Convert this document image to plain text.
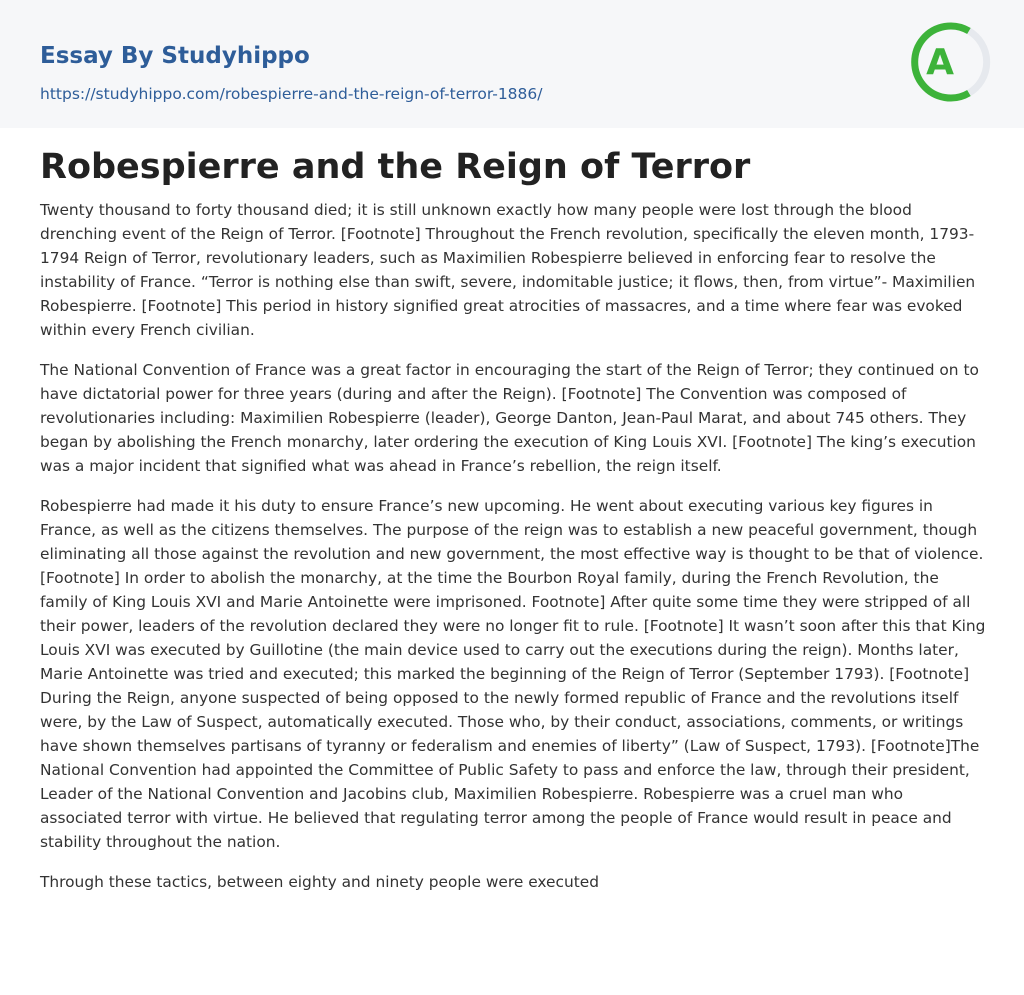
Essay By Studyhippo
https://studyhippo.com/robespierre-and-the-reign-of-terror-1886/
A
Robespierre and the Reign of Terror

Twenty thousand to forty thousand died; it is still unknown exactly how many people were lost through the blood drenching event of the Reign of Terror. [Footnote] Throughout the French revolution, specifically the eleven month, 1793-1794 Reign of Terror, revolutionary leaders, such as Maximilien Robespierre believed in enforcing fear to resolve the instability of France. “Terror is nothing else than swift, severe, indomitable justice; it flows, then, from virtue”- Maximilien Robespierre. [Footnote] This period in history signified great atrocities of massacres, and a time where fear was evoked within every French civilian.

The National Convention of France was a great factor in encouraging the start of the Reign of Terror; they continued on to have dictatorial power for three years (during and after the Reign). [Footnote] The Convention was composed of revolutionaries including: Maximilien Robespierre (leader), George Danton, Jean-Paul Marat, and about 745 others. They began by abolishing the French monarchy, later ordering the execution of King Louis XVI. [Footnote] The king’s execution was a major incident that signified what was ahead in France’s rebellion, the reign itself.

Robespierre had made it his duty to ensure France’s new upcoming. He went about executing various key figures in France, as well as the citizens themselves. The purpose of the reign was to establish a new peaceful government, though eliminating all those against the revolution and new government, the most effective way is thought to be that of violence. [Footnote] In order to abolish the monarchy, at the time the Bourbon Royal family, during the French Revolution, the family of King Louis XVI and Marie Antoinette were imprisoned. Footnote] After quite some time they were stripped of all their power, leaders of the revolution declared they were no longer fit to rule. [Footnote] It wasn’t soon after this that King Louis XVI was executed by Guillotine (the main device used to carry out the executions during the reign). Months later, Marie Antoinette was tried and executed; this marked the beginning of the Reign of Terror (September 1793). [Footnote] During the Reign, anyone suspected of being opposed to the newly formed republic of France and the revolutions itself were, by the Law of Suspect, automatically executed. Those who, by their conduct, associations, comments, or writings have shown themselves partisans of tyranny or federalism and enemies of liberty” (Law of Suspect, 1793). [Footnote]The National Convention had appointed the Committee of Public Safety to pass and enforce the law, through their president, Leader of the National Convention and Jacobins club, Maximilien Robespierre. Robespierre was a cruel man who associated terror with virtue. He believed that regulating terror among the people of France would result in peace and stability throughout the nation.

Through these tactics, between eighty and ninety people were executed
